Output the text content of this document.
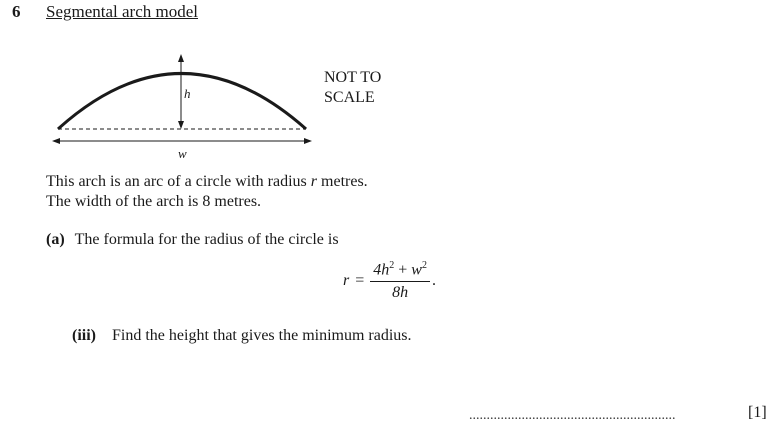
6 Segmental arch model
h
w
NOT TO
SCALE
This arch is an arc of a circle with radius r metres.
The width of the arch is 8 metres.
(a) The formula for the radius of the circle is
$r = \frac{4h^2 + w^2}{8h}$ .
(iii) Find the height that gives the minimum radius.
...........................................................	[1]
